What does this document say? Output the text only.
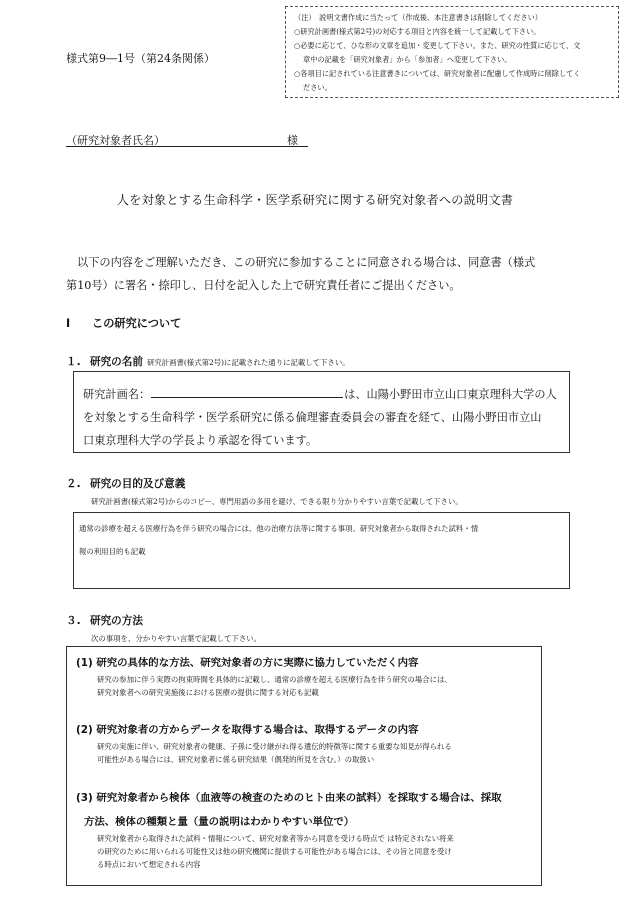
（注）　説明文書作成に当たって（作成後、本注意書きは削除してください）
○研究計画書(様式第2号)の対応する項目と内容を統一して記載して下さい。
○必要に応じて、ひな形の文章を追加・変更して下さい。また、研究の性質に応じて、文
章中の記載を「研究対象者」から「参加者」へ変更して下さい。
○各項目に記されている注意書きについては、研究対象者に配慮して作成時に削除してく
ださい。
様式第9―1号（第24条関係）
（研究対象者氏名）	様
人を対象とする生命科学・医学系研究に関する研究対象者への説明文書
以下の内容をご理解いただき、この研究に参加することに同意される場合は、同意書（様式
第10号）に署名・捺印し、日付を記入した上で研究責任者にご提出ください。
Ⅰ この研究について
１. 研究の名前 研究計画書(様式第2号)に記載された通りに記載して下さい。
研究計画名：	は、山陽小野田市立山口東京理科大学の人
を対象とする生命科学・医学系研究に係る倫理審査委員会の審査を経て、山陽小野田市立山
口東京理科大学の学長より承認を得ています。
２. 研究の目的及び意義
研究計画書(様式第2号)からのコピー、専門用語の多用を避け、できる限り分かりやすい言葉で記載して下さい。
通常の診療を超える医療行為を伴う研究の場合には、他の治療方法等に関する事項、研究対象者から取得された試料・情
報の利用目的も記載
３. 研究の方法
次の事項を、分かりやすい言葉で記載して下さい。
(1) 研究の具体的な方法、研究対象者の方に実際に協力していただく内容
研究の参加に伴う実際の拘束時間を具体的に記載し、通常の診療を超える医療行為を伴う研究の場合には、
研究対象者への研究実施後における医療の提供に関する対応も記載
(2) 研究対象者の方からデータを取得する場合は、取得するデータの内容
研究の実施に伴い、研究対象者の健康、子孫に受け継がれ得る遺伝的特徴等に関する重要な知見が得られる
可能性がある場合には、研究対象者に係る研究結果（偶発的所見を含む。）の取扱い
(3) 研究対象者から検体（血液等の検査のためのヒト由来の試料）を採取する場合は、採取
方法、検体の種類と量（量の説明はわかりやすい単位で）
研究対象者から取得された試料・情報について、研究対象者等から同意を受ける時点で は特定されない将来
の研究のために用いられる可能性又は他の研究機関に提供する可能性がある場合には、その旨と同意を受け
る時点において想定される内容
